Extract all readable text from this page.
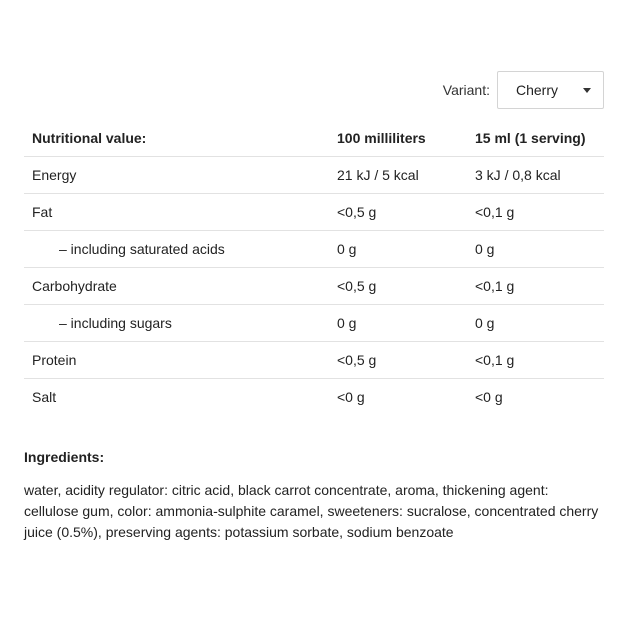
Variant: Cherry
Nutritional value:	100 milliliters	15 ml (1 serving)
Energy	21 kJ / 5 kcal	3 kJ / 0,8 kcal
Fat	<0,5 g	<0,1 g
– including saturated acids	0 g	0 g
Carbohydrate	<0,5 g	<0,1 g
– including sugars	0 g	0 g
Protein	<0,5 g	<0,1 g
Salt	<0 g	<0 g
Ingredients:

water, acidity regulator: citric acid, black carrot concentrate, aroma, thickening agent: cellulose gum, color: ammonia-sulphite caramel, sweeteners: sucralose, concentrated cherry juice (0.5%), preserving agents: potassium sorbate, sodium benzoate
